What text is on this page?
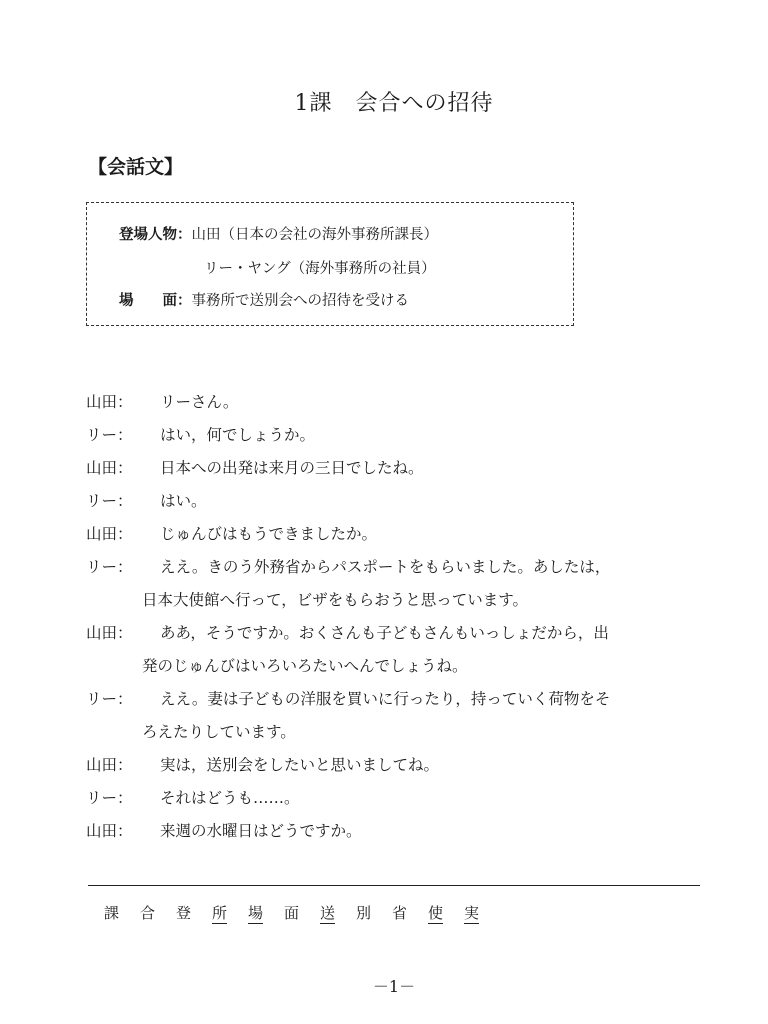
1課　会合への招待
【会話文】
登場人物：山田（日本の会社の海外事務所課長）
リー・ヤング（海外事務所の社員）
場　　面：事務所で送別会への招待を受ける
山田：	リーさん。
リー：	はい，何でしょうか。
山田：	日本への出発は来月の三日でしたね。
リー：	はい。
山田：	じゅんびはもうできましたか。
リー：	ええ。きのう外務省からパスポートをもらいました。あしたは，
日本大使館へ行って，ビザをもらおうと思っています。
山田：	ああ，そうですか。おくさんも子どもさんもいっしょだから，出
発のじゅんびはいろいろたいへんでしょうね。
リー：	ええ。妻は子どもの洋服を買いに行ったり，持っていく荷物をそ
ろえたりしています。
山田：	実は，送別会をしたいと思いましてね。
リー：	それはどうも……。
山田：	来週の水曜日はどうですか。
課 合 登 所 場 面 送 別 省 使 実
－1－
